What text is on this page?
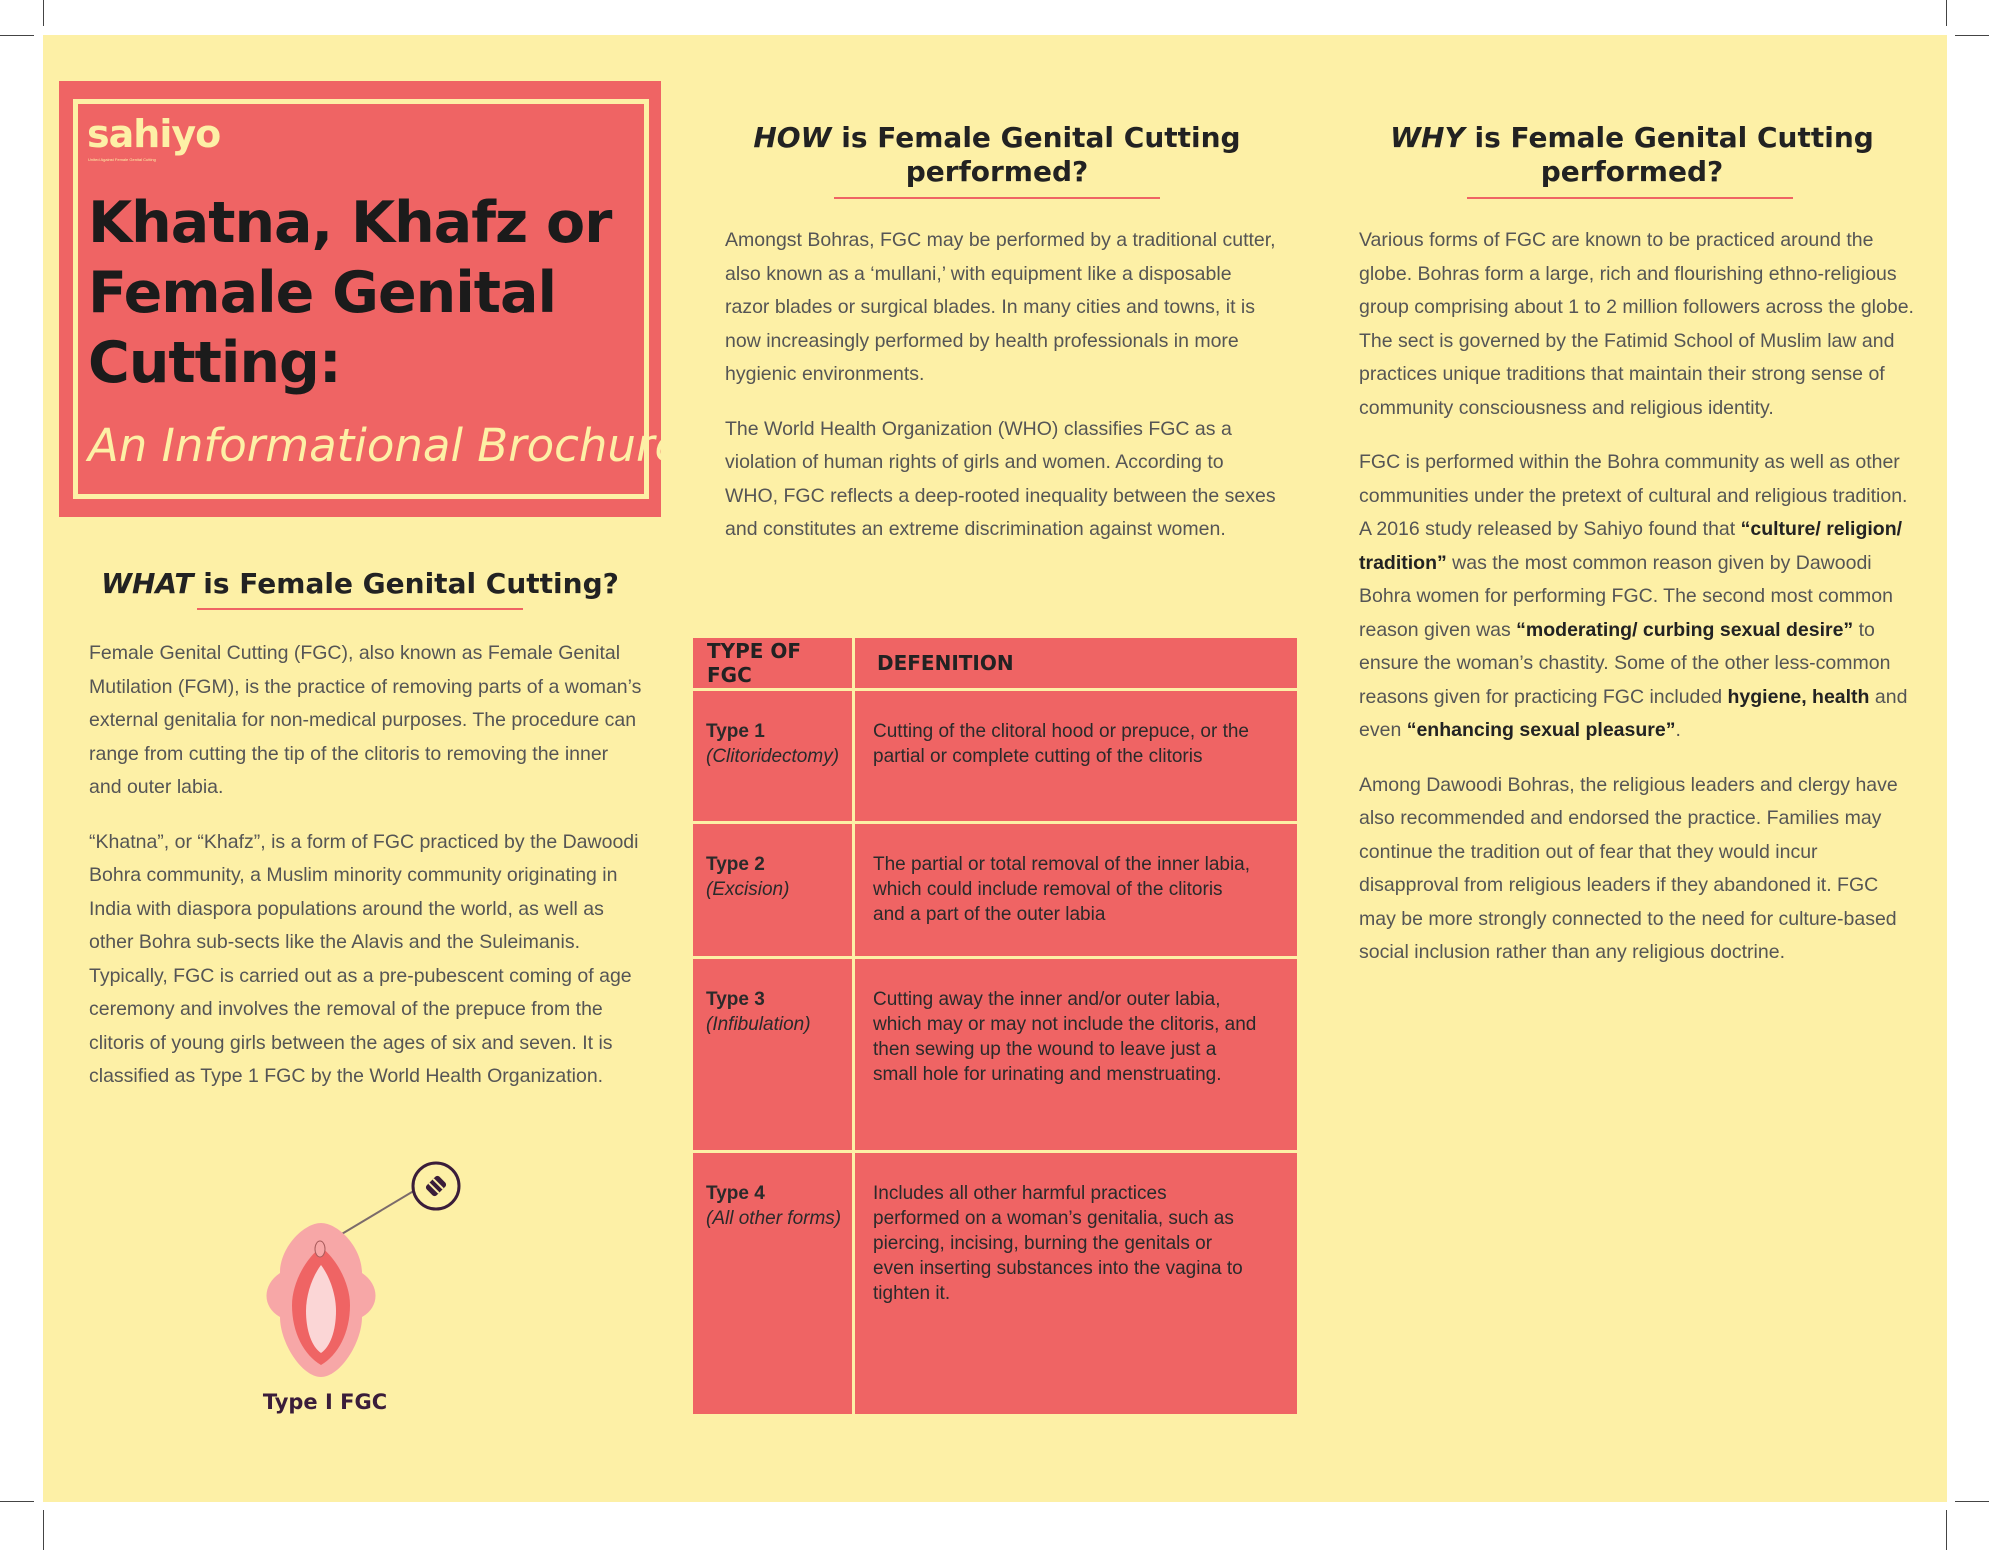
sahiyo
United Against Female Genital Cutting
Khatna, Khafz or Female Genital Cutting:
An Informational Brochure
WHAT is Female Genital Cutting?

Female Genital Cutting (FGC), also known as Female Genital Mutilation (FGM), is the practice of removing parts of a woman’s external genitalia for non-medical purposes. The procedure can range from cutting the tip of the clitoris to removing the inner and outer labia.

“Khatna”, or “Khafz”, is a form of FGC practiced by the Dawoodi Bohra community, a Muslim minority community originating in India with diaspora populations around the world, as well as other Bohra sub-sects like the Alavis and the Suleimanis. Typically, FGC is carried out as a pre-pubescent coming of age ceremony and involves the removal of the prepuce from the clitoris of young girls between the ages of six and seven. It is classified as Type 1 FGC by the World Health Organization.

Type I FGC
HOW is Female Genital Cutting performed?

Amongst Bohras, FGC may be performed by a traditional cutter, also known as a ‘mullani,’ with equipment like a disposable razor blades or surgical blades. In many cities and towns, it is now increasingly performed by health professionals in more hygienic environments.

The World Health Organization (WHO) classifies FGC as a violation of human rights of girls and women. According to WHO, FGC reflects a deep-rooted inequality between the sexes and constitutes an extreme discrimination against women.

TYPE OF FGC	DEFENITION

Type 1
(Clitoridectomy)	Cutting of the clitoral hood or prepuce, or the partial or complete cutting of the clitoris

Type 2
(Excision)	The partial or total removal of the inner labia, which could include removal of the clitoris and a part of the outer labia

Type 3
(Infibulation)	Cutting away the inner and/or outer labia, which may or may not include the clitoris, and then sewing up the wound to leave just a small hole for urinating and menstruating.

Type 4
(All other forms)	Includes all other harmful practices performed on a woman’s genitalia, such as piercing, incising, burning the genitals or even inserting substances into the vagina to tighten it.
WHY is Female Genital Cutting performed?

Various forms of FGC are known to be practiced around the globe. Bohras form a large, rich and flourishing ethno-religious group comprising about 1 to 2 million followers across the globe. The sect is governed by the Fatimid School of Muslim law and practices unique traditions that maintain their strong sense of community consciousness and religious identity.

FGC is performed within the Bohra community as well as other communities under the pretext of cultural and religious tradition. A 2016 study released by Sahiyo found that “culture/ religion/ tradition” was the most common reason given by Dawoodi Bohra women for performing FGC. The second most common reason given was “moderating/ curbing sexual desire” to ensure the woman’s chastity. Some of the other less-common reasons given for practicing FGC included hygiene, health and even “enhancing sexual pleasure”.

Among Dawoodi Bohras, the religious leaders and clergy have also recommended and endorsed the practice. Families may continue the tradition out of fear that they would incur disapproval from religious leaders if they abandoned it. FGC may be more strongly connected to the need for culture-based social inclusion rather than any religious doctrine.
